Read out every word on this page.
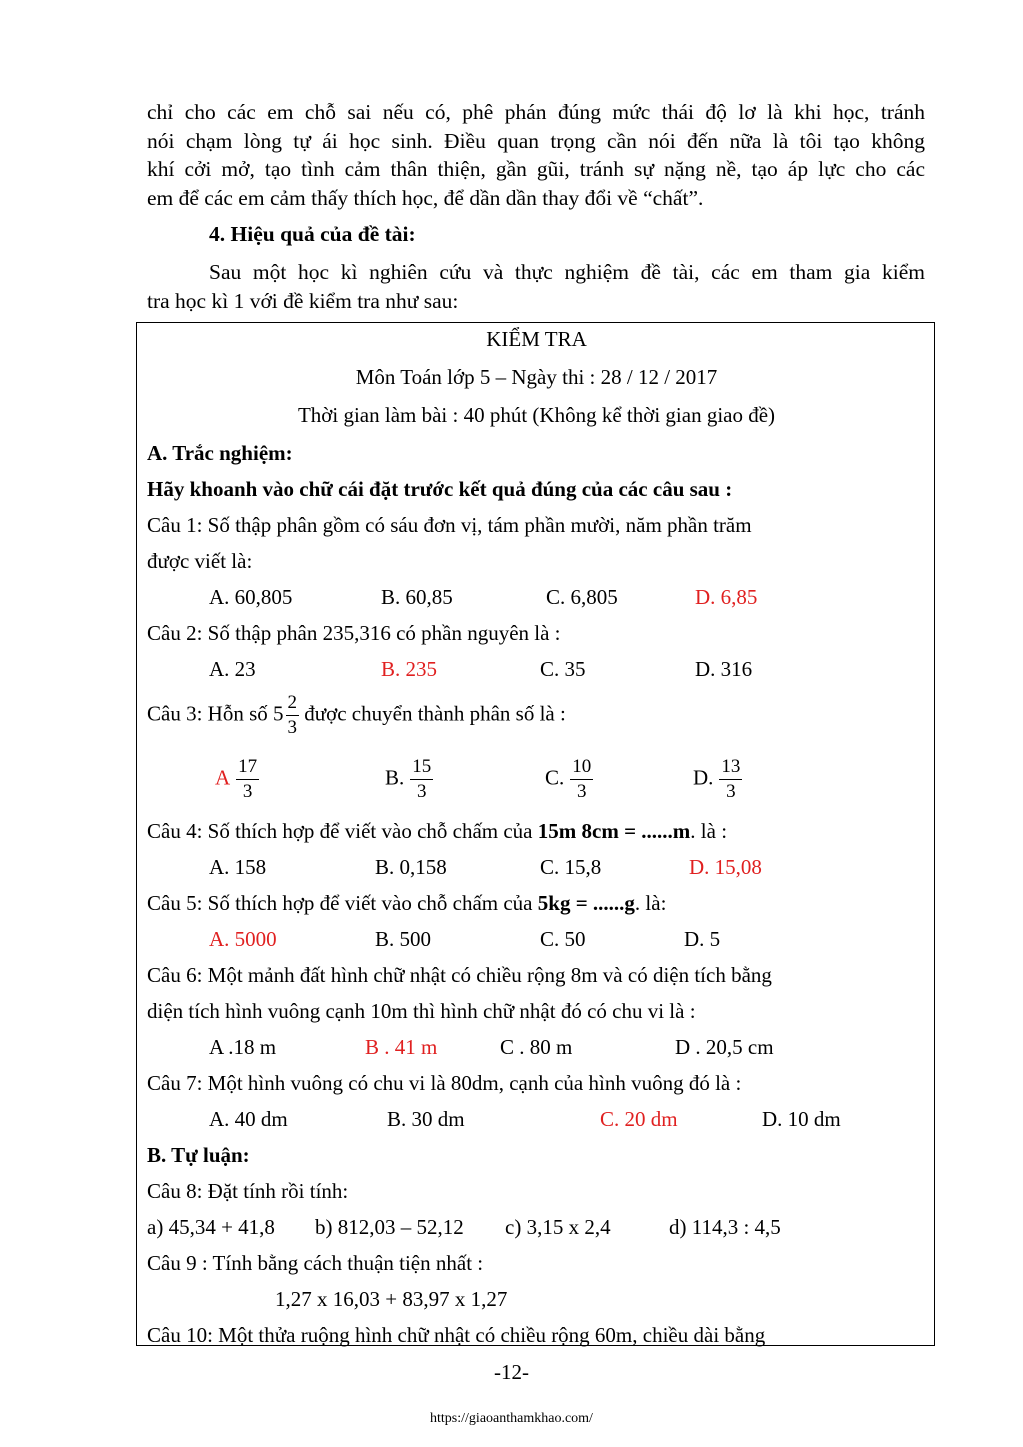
chỉ cho các em chỗ sai nếu có, phê phán đúng mức thái độ lơ là khi học, tránh
nói chạm lòng tự ái học sinh. Điều quan trọng cần nói đến nữa là tôi tạo không
khí cởi mở, tạo tình cảm thân thiện, gần gũi, tránh sự nặng nề, tạo áp lực cho các
em để các em cảm thấy thích học, để dần dần thay đổi về “chất”.
4. Hiệu quả của đề tài:
Sau một học kì nghiên cứu và thực nghiệm đề tài, các em tham gia kiểm
tra học kì 1 với đề kiểm tra như sau:
KIỂM TRA
Môn Toán lớp 5 – Ngày thi : 28 / 12 / 2017
Thời gian làm bài : 40 phút (Không kể thời gian giao đề)
A. Trắc nghiệm:
Hãy khoanh vào chữ cái đặt trước kết quả đúng của các câu sau :
Câu 1: Số thập phân gồm có sáu đơn vị, tám phần mười, năm phần trăm
được viết là:
A. 60,805	B. 60,85	C. 6,805	D. 6,85
Câu 2: Số thập phân 235,316 có phần nguyên là :
A. 23	B. 235	C. 35	D. 316
Câu 3: Hỗn số $5 \frac{2}{3}$ được chuyển thành phân số là :
A $\frac{17}{3}$	B. $\frac{15}{3}$	C. $\frac{10}{3}$	D. $\frac{13}{3}$
Câu 4: Số thích hợp để viết vào chỗ chấm của 15m 8cm = ......m. là :
A. 158	B. 0,158	C. 15,8	D. 15,08
Câu 5: Số thích hợp để viết vào chỗ chấm của 5kg = ......g. là:
A. 5000	B. 500	C. 50	D. 5
Câu 6: Một mảnh đất hình chữ nhật có chiều rộng 8m và có diện tích bằng
diện tích hình vuông cạnh 10m thì hình chữ nhật đó có chu vi là :
A .18 m	B . 41 m	C . 80 m	D . 20,5 cm
Câu 7: Một hình vuông có chu vi là 80dm, cạnh của hình vuông đó là :
A. 40 dm	B. 30 dm	C. 20 dm	D. 10 dm
B. Tự luận:
Câu 8: Đặt tính rồi tính:
a) 45,34 + 41,8 b) 812,03 – 52,12 c) 3,15 x 2,4	d) 114,3 : 4,5
Câu 9 : Tính bằng cách thuận tiện nhất :
1,27 x 16,03 + 83,97 x 1,27
Câu 10: Một thửa ruộng hình chữ nhật có chiều rộng 60m, chiều dài bằng
-12-
https://giaoanthamkhao.com/
